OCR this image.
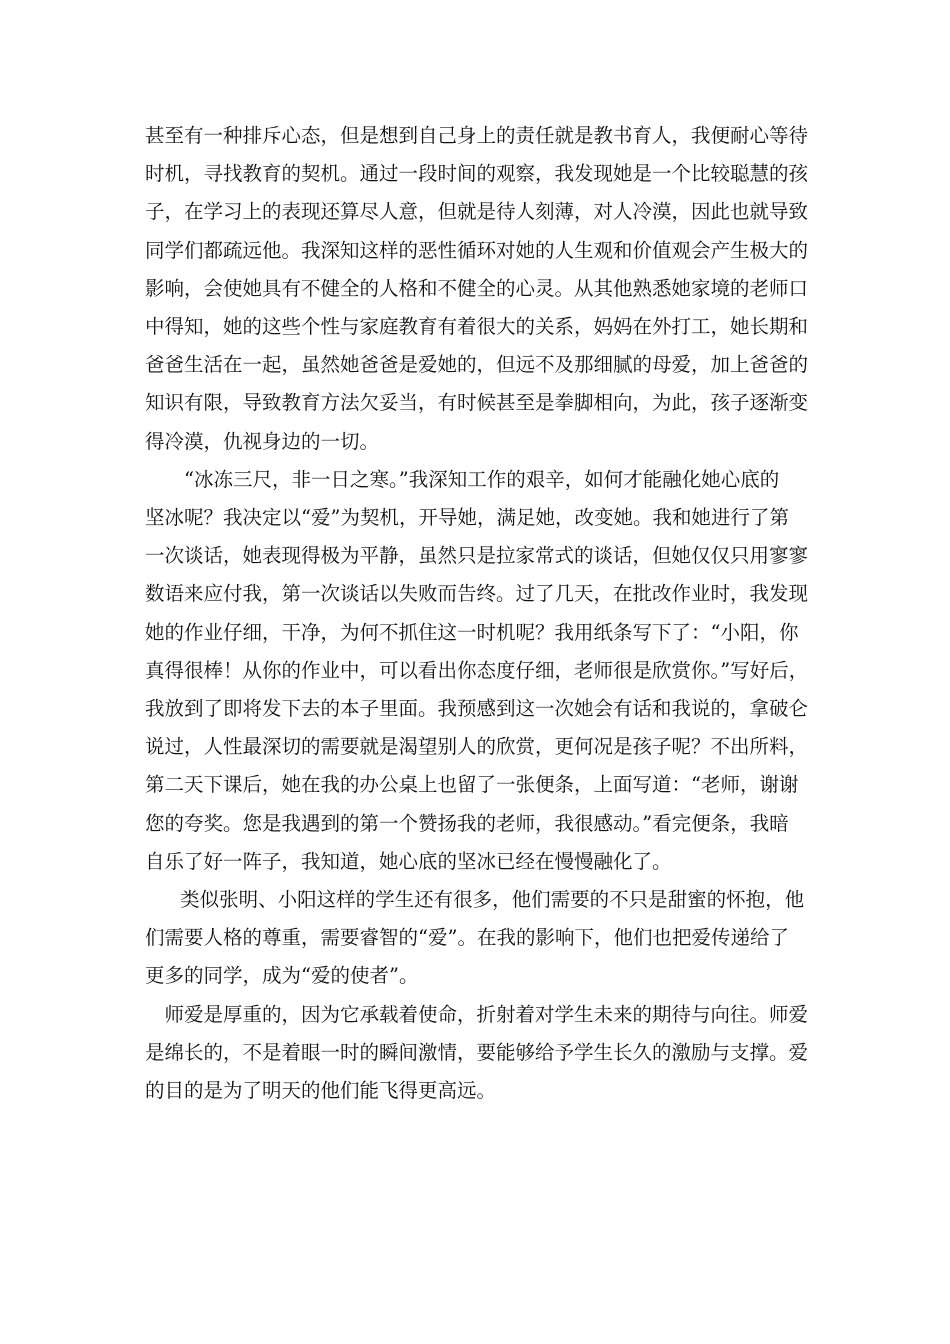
甚至有一种排斥心态，但是想到自己身上的责任就是教书育人，我便耐心等待
时机，寻找教育的契机。通过一段时间的观察，我发现她是一个比较聪慧的孩
子，在学习上的表现还算尽人意，但就是待人刻薄，对人冷漠，因此也就导致
同学们都疏远他。我深知这样的恶性循环对她的人生观和价值观会产生极大的
影响，会使她具有不健全的人格和不健全的心灵。从其他熟悉她家境的老师口
中得知，她的这些个性与家庭教育有着很大的关系，妈妈在外打工，她长期和
爸爸生活在一起，虽然她爸爸是爱她的，但远不及那细腻的母爱，加上爸爸的
知识有限，导致教育方法欠妥当，有时候甚至是拳脚相向，为此，孩子逐渐变
得冷漠，仇视身边的一切。
“冰冻三尺，非一日之寒。”我深知工作的艰辛，如何才能融化她心底的
坚冰呢？我决定以“爱”为契机，开导她，满足她，改变她。我和她进行了第
一次谈话，她表现得极为平静，虽然只是拉家常式的谈话，但她仅仅只用寥寥
数语来应付我，第一次谈话以失败而告终。过了几天，在批改作业时，我发现
她的作业仔细，干净，为何不抓住这一时机呢？我用纸条写下了：“小阳，你
真得很棒！从你的作业中，可以看出你态度仔细，老师很是欣赏你。”写好后，
我放到了即将发下去的本子里面。我预感到这一次她会有话和我说的，拿破仑
说过，人性最深切的需要就是渴望别人的欣赏，更何况是孩子呢？不出所料，
第二天下课后，她在我的办公桌上也留了一张便条，上面写道：“老师，谢谢
您的夸奖。您是我遇到的第一个赞扬我的老师，我很感动。”看完便条，我暗
自乐了好一阵子，我知道，她心底的坚冰已经在慢慢融化了。
类似张明、小阳这样的学生还有很多，他们需要的不只是甜蜜的怀抱，他
们需要人格的尊重，需要睿智的“爱”。在我的影响下，他们也把爱传递给了
更多的同学，成为“爱的使者”。
师爱是厚重的，因为它承载着使命，折射着对学生未来的期待与向往。师爱
是绵长的，不是着眼一时的瞬间激情，要能够给予学生长久的激励与支撑。爱
的目的是为了明天的他们能飞得更高远。
